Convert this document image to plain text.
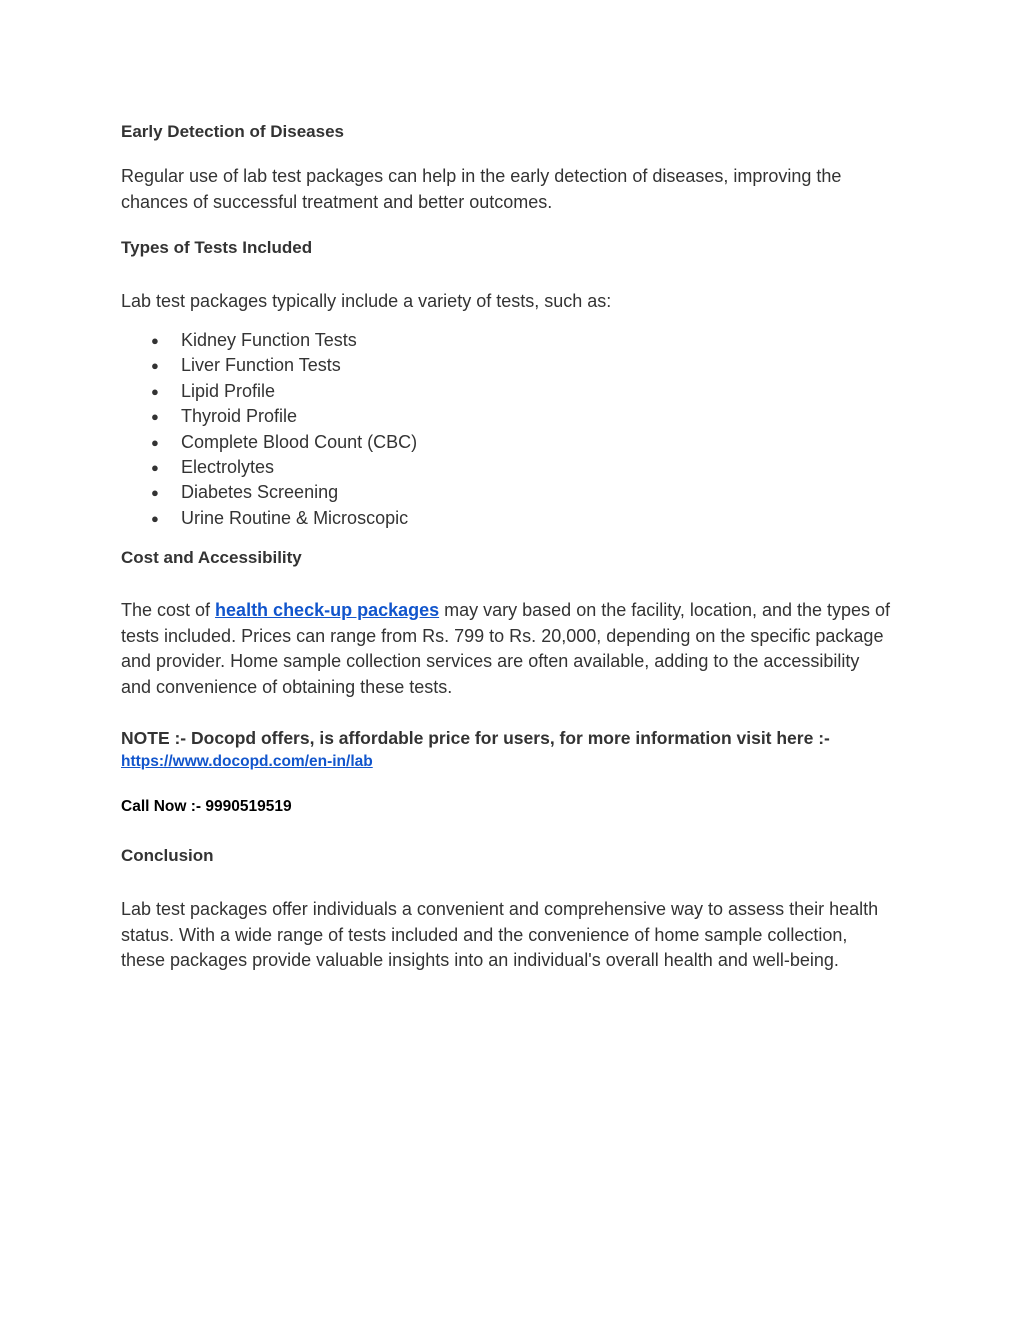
Early Detection of Diseases

Regular use of lab test packages can help in the early detection of diseases, improving the
chances of successful treatment and better outcomes.

Types of Tests Included

Lab test packages typically include a variety of tests, such as:

● Kidney Function Tests
● Liver Function Tests
● Lipid Profile
● Thyroid Profile
● Complete Blood Count (CBC)
● Electrolytes
● Diabetes Screening
● Urine Routine & Microscopic
Cost and Accessibility

The cost of health check-up packages may vary based on the facility, location, and the types of
tests included. Prices can range from Rs. 799 to Rs. 20,000, depending on the specific package
and provider. Home sample collection services are often available, adding to the accessibility
and convenience of obtaining these tests.

NOTE :- Docopd offers, is affordable price for users, for more information visit here :-

https://www.docopd.com/en-in/lab

Call Now :- 9990519519

Conclusion

Lab test packages offer individuals a convenient and comprehensive way to assess their health
status. With a wide range of tests included and the convenience of home sample collection,
these packages provide valuable insights into an individual's overall health and well-being.
